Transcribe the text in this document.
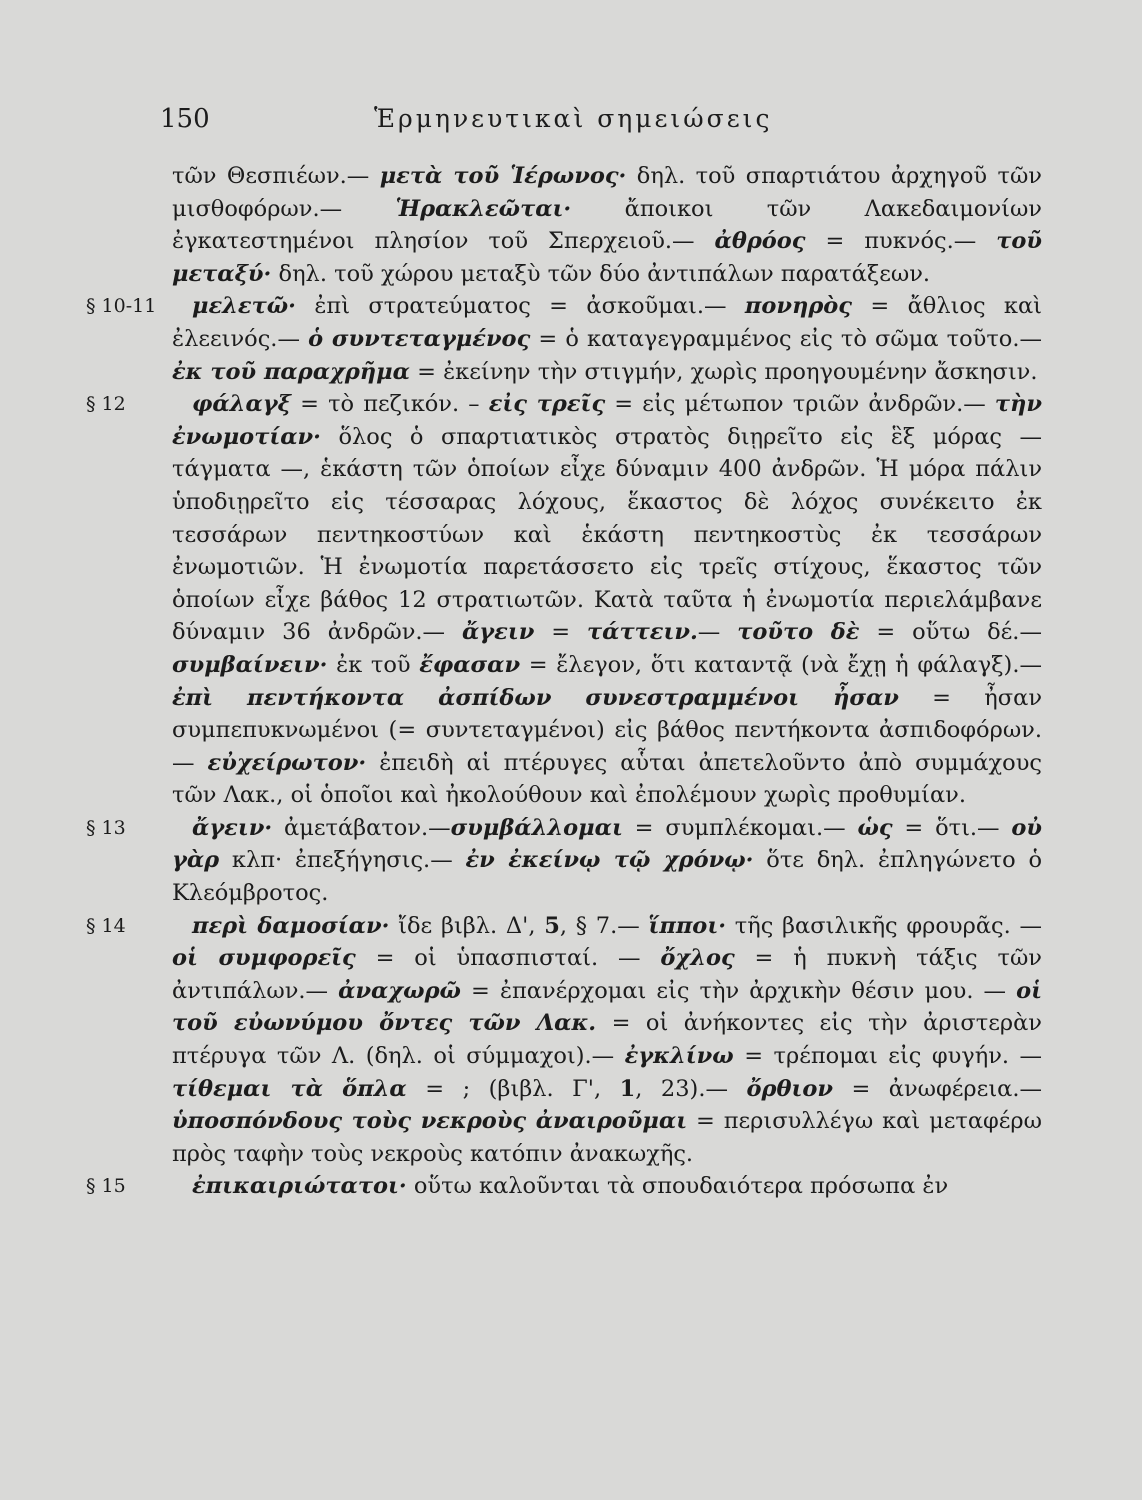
150	Ἑρμηνευτικαὶ σημειώσεις

τῶν Θεσπιέων.— μετὰ τοῦ Ἱέρωνος· δηλ. τοῦ σπαρτιάτου ἀρχηγοῦ τῶν μισθοφόρων.— Ἡρακλεῶται· ἄποικοι τῶν Λακεδαιμονίων ἐγκατεστημένοι πλησίον τοῦ Σπερχειοῦ.— ἀθρόος = πυκνός.— τοῦ μεταξύ· δηλ. τοῦ χώρου μεταξὺ τῶν δύο ἀντιπάλων παρατάξεων.

§ 10-11 μελετῶ· ἐπὶ στρατεύματος = ἀσκοῦμαι.— πονηρὸς = ἄθλιος καὶ ἐλεεινός.— ὁ συντεταγμένος = ὁ καταγεγραμμένος εἰς τὸ σῶμα τοῦτο.— ἐκ τοῦ παραχρῆμα = ἐκείνην τὴν στιγμήν, χωρὶς προηγουμένην ἄσκησιν.

§ 12	φάλαγξ = τὸ πεζικόν. – εἰς τρεῖς = εἰς μέτωπον τριῶν ἀνδρῶν.— τὴν ἐνωμοτίαν· ὅλος ὁ σπαρτιατικὸς στρατὸς διῃρεῖτο εἰς ἓξ μόρας — τάγματα —, ἑκάστη τῶν ὁποίων εἶχε δύναμιν 400 ἀνδρῶν. Ἡ μόρα πάλιν ὑποδιῃρεῖτο εἰς τέσσαρας λόχους, ἕκαστος δὲ λόχος συνέκειτο ἐκ τεσσάρων πεντηκοστύων καὶ ἑκάστη πεντηκοστὺς ἐκ τεσσάρων ἐνωμοτιῶν. Ἡ ἐνωμοτία παρετάσσετο εἰς τρεῖς στίχους, ἕκαστος τῶν ὁποίων εἶχε βάθος 12 στρατιωτῶν. Κατὰ ταῦτα ἡ ἐνωμοτία περιελάμβανε δύναμιν 36 ἀνδρῶν.— ἄγειν = τάττειν.— τοῦτο δὲ = οὕτω δέ.— συμβαίνειν· ἐκ τοῦ ἔφασαν = ἔλεγον, ὅτι καταντᾷ (νὰ ἔχῃ ἡ φάλαγξ).— ἐπὶ πεντήκοντα ἀσπίδων συνεστραμμένοι ἦσαν = ἦσαν συμπεπυκνωμένοι (= συντεταγμένοι) εἰς βάθος πεντήκοντα ἀσπιδοφόρων.— εὐχείρωτον· ἐπειδὴ αἱ πτέρυγες αὗται ἀπετελοῦντο ἀπὸ συμμάχους τῶν Λακ., οἱ ὁποῖοι καὶ ἠκολούθουν καὶ ἐπολέμουν χωρὶς προθυμίαν.

§ 13	ἄγειν· ἀμετάβατον.—συμβάλλομαι = συμπλέκομαι.— ὡς = ὅτι.— οὐ γὰρ κλπ· ἐπεξήγησις.— ἐν ἐκείνῳ τῷ χρόνῳ· ὅτε δηλ. ἐπληγώνετο ὁ Κλεόμβροτος.

§ 14	περὶ δαμοσίαν· ἴδε βιβλ. Δ', 5, § 7.— ἵπποι· τῆς βασιλικῆς φρουρᾶς. — οἱ συμφορεῖς = οἱ ὑπασπισταί. — ὄχλος = ἡ πυκνὴ τάξις τῶν ἀντιπάλων.— ἀναχωρῶ = ἐπανέρχομαι εἰς τὴν ἀρχικὴν θέσιν μου. — οἱ τοῦ εὐωνύμου ὄντες τῶν Λακ. = οἱ ἀνήκοντες εἰς τὴν ἀριστερὰν πτέρυγα τῶν Λ. (δηλ. οἱ σύμμαχοι).— ἐγκλίνω = τρέπομαι εἰς φυγήν. — τίθεμαι τὰ ὅπλα = ; (βιβλ. Γ', 1, 23).— ὄρθιον = ἀνωφέρεια.— ὑποσπόνδους τοὺς νεκροὺς ἀναιροῦμαι = περισυλλέγω καὶ μεταφέρω πρὸς ταφὴν τοὺς νεκροὺς κατόπιν ἀνακωχῆς.

§ 15	ἐπικαιριώτατοι· οὕτω καλοῦνται τὰ σπουδαιότερα πρόσωπα ἐν
